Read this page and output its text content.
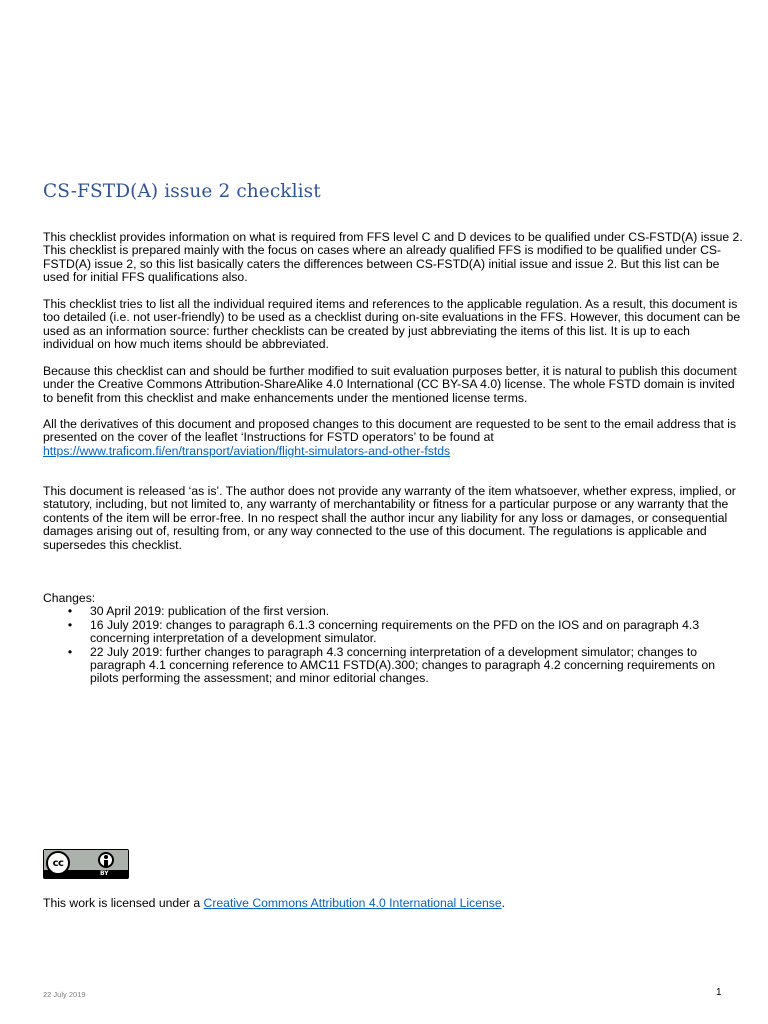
CS-FSTD(A) issue 2 checklist

This checklist provides information on what is required from FFS level C and D devices to be qualified under CS-FSTD(A) issue 2. This checklist is prepared mainly with the focus on cases where an already qualified FFS is modified to be qualified under CS-FSTD(A) issue 2, so this list basically caters the differences between CS-FSTD(A) initial issue and issue 2. But this list can be used for initial FFS qualifications also.

This checklist tries to list all the individual required items and references to the applicable regulation. As a result, this document is too detailed (i.e. not user-friendly) to be used as a checklist during on-site evaluations in the FFS. However, this document can be used as an information source: further checklists can be created by just abbreviating the items of this list. It is up to each individual on how much items should be abbreviated.

Because this checklist can and should be further modified to suit evaluation purposes better, it is natural to publish this document under the Creative Commons Attribution-ShareAlike 4.0 International (CC BY-SA 4.0) license. The whole FSTD domain is invited to benefit from this checklist and make enhancements under the mentioned license terms.

All the derivatives of this document and proposed changes to this document are requested to be sent to the email address that is presented on the cover of the leaflet ‘Instructions for FSTD operators’ to be found at
https://www.traficom.fi/en/transport/aviation/flight-simulators-and-other-fstds

This document is released ‘as is’. The author does not provide any warranty of the item whatsoever, whether express, implied, or statutory, including, but not limited to, any warranty of merchantability or fitness for a particular purpose or any warranty that the contents of the item will be error-free. In no respect shall the author incur any liability for any loss or damages, or consequential damages arising out of, resulting from, or any way connected to the use of this document. The regulations is applicable and supersedes this checklist.

Changes:
• 30 April 2019: publication of the first version.
• 16 July 2019: changes to paragraph 6.1.3 concerning requirements on the PFD on the IOS and on paragraph 4.3 concerning interpretation of a development simulator.
• 22 July 2019: further changes to paragraph 4.3 concerning interpretation of a development simulator; changes to paragraph 4.1 concerning reference to AMC11 FSTD(A).300; changes to paragraph 4.2 concerning requirements on pilots performing the assessment; and minor editorial changes.
cc
BY
This work is licensed under a Creative Commons Attribution 4.0 International License.
22 July 2019	1
